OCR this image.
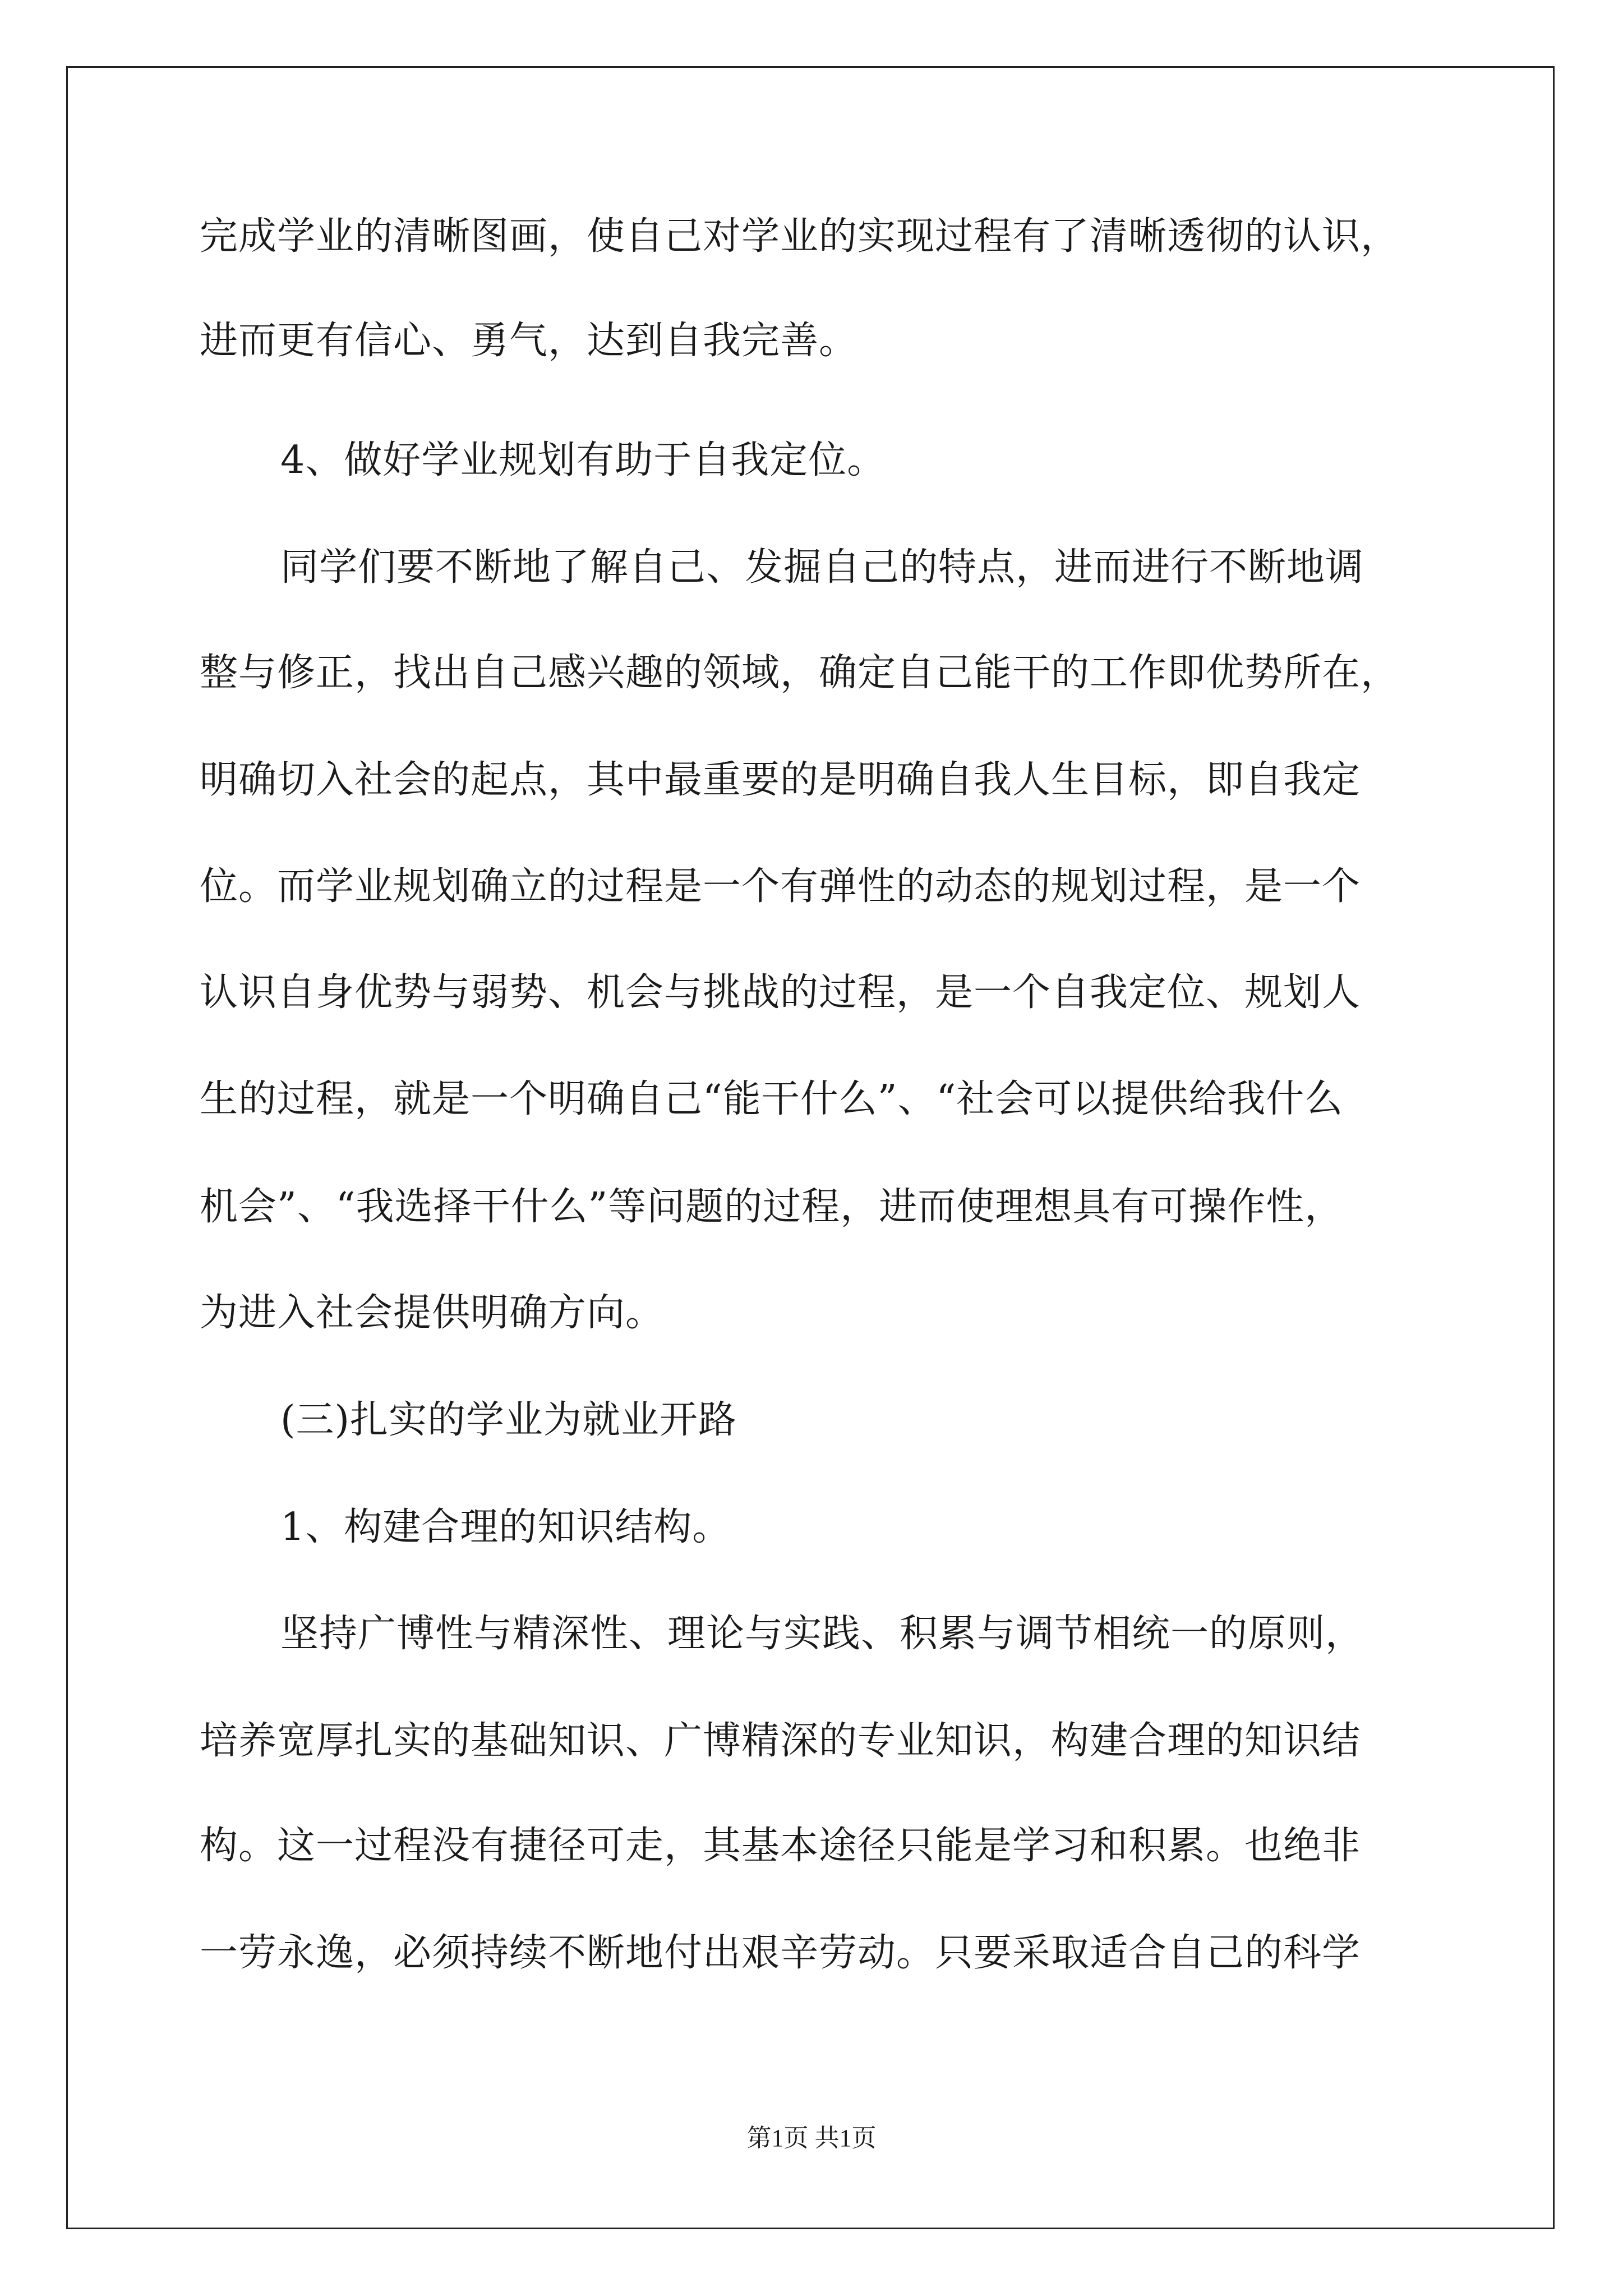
完成学业的清晰图画，使自己对学业的实现过程有了清晰透彻的认识，
进而更有信心、勇气，达到自我完善。
4、做好学业规划有助于自我定位。
同学们要不断地了解自己、发掘自己的特点，进而进行不断地调
整与修正，找出自己感兴趣的领域，确定自己能干的工作即优势所在，
明确切入社会的起点，其中最重要的是明确自我人生目标，即自我定
位。而学业规划确立的过程是一个有弹性的动态的规划过程，是一个
认识自身优势与弱势、机会与挑战的过程，是一个自我定位、规划人
生的过程，就是一个明确自己“能干什么”、“社会可以提供给我什么
机会”、“我选择干什么”等问题的过程，进而使理想具有可操作性，
为进入社会提供明确方向。
(三)扎实的学业为就业开路
1、构建合理的知识结构。
坚持广博性与精深性、理论与实践、积累与调节相统一的原则，
培养宽厚扎实的基础知识、广博精深的专业知识，构建合理的知识结
构。这一过程没有捷径可走，其基本途径只能是学习和积累。也绝非
一劳永逸，必须持续不断地付出艰辛劳动。只要采取适合自己的科学
第1页 共1页
